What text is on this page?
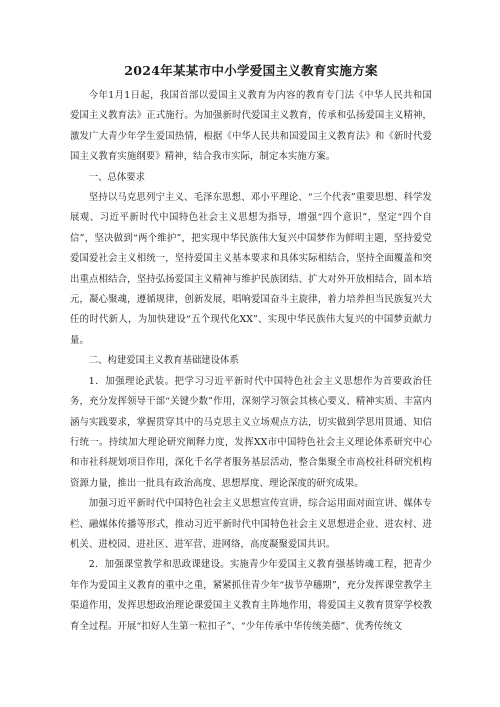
2024年某某市中小学爱国主义教育实施方案

今年1月1日起，我国首部以爱国主义教育为内容的教育专门法《中华人民共和国爱国主义教育法》正式施行。为加强新时代爱国主义教育，传承和弘扬爱国主义精神，激发广大青少年学生爱国热情，根据《中华人民共和国爱国主义教育法》和《新时代爱国主义教育实施纲要》精神，结合我市实际，制定本实施方案。

一、总体要求

坚持以马克思列宁主义、毛泽东思想、邓小平理论、“三个代表”重要思想、科学发展观、习近平新时代中国特色社会主义思想为指导，增强“四个意识”，坚定“四个自信”，坚决做到“两个维护”，把实现中华民族伟大复兴中国梦作为鲜明主题，坚持爱党爱国爱社会主义相统一，坚持爱国主义基本要求和具体实际相结合，坚持全面覆盖和突出重点相结合，坚持弘扬爱国主义精神与维护民族团结、扩大对外开放相结合，固本培元，凝心聚魂，遵循规律，创新发展，唱响爱国奋斗主旋律，着力培养担当民族复兴大任的时代新人，为加快建设“五个现代化XX”、实现中华民族伟大复兴的中国梦贡献力量。

二、构建爱国主义教育基础建设体系

1．加强理论武装。把学习习近平新时代中国特色社会主义思想作为首要政治任务，充分发挥领导干部“关键少数”作用，深刻学习领会其核心要义、精神实质、丰富内涵与实践要求，掌握贯穿其中的马克思主义立场观点方法，切实做到学思用贯通、知信行统一。持续加大理论研究阐释力度，发挥XX市中国特色社会主义理论体系研究中心和市社科规划项目作用，深化千名学者服务基层活动，整合集聚全市高校社科研究机构资源力量，推出一批具有政治高度、思想厚度、理论深度的研究成果。

加强习近平新时代中国特色社会主义思想宣传宣讲，综合运用面对面宣讲、媒体专栏、融媒体传播等形式，推动习近平新时代中国特色社会主义思想进企业、进农村、进机关、进校园、进社区、进军营、进网络，高度凝聚爱国共识。

2．加强课堂教学和思政课建设。实施青少年爱国主义教育强基铸魂工程，把青少年作为爱国主义教育的重中之重，紧紧抓住青少年“拔节孕穗期”，充分发挥课堂教学主渠道作用，发挥思想政治理论课爱国主义教育主阵地作用，将爱国主义教育贯穿学校教育全过程。开展“扣好人生第一粒扣子”、“少年传承中华传统美德”、优秀传统文
